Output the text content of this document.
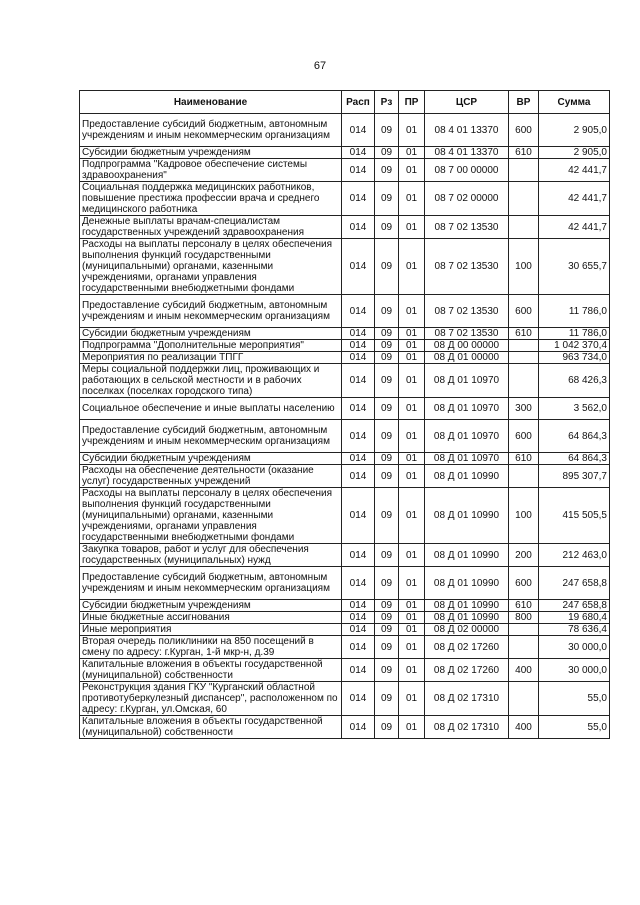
67
Наименование	Расп	Рз	ПР	ЦСР	ВР	Сумма
Предоставление субсидий бюджетным, автономным учреждениям и иным некоммерческим организациям	014	09	01	08 4 01 13370	600	2 905,0
Субсидии бюджетным учреждениям	014	09	01	08 4 01 13370	610	2 905,0
Подпрограмма "Кадровое обеспечение системы здравоохранения"	014	09	01	08 7 00 00000		42 441,7
Социальная поддержка медицинских работников, повышение престижа профессии врача и среднего медицинского работника	014	09	01	08 7 02 00000		42 441,7
Денежные выплаты врачам-специалистам государственных учреждений здравоохранения	014	09	01	08 7 02 13530		42 441,7
Расходы на выплаты персоналу в целях обеспечения выполнения функций государственными (муниципальными) органами, казенными учреждениями, органами управления государственными внебюджетными фондами	014	09	01	08 7 02 13530	100	30 655,7
Предоставление субсидий бюджетным, автономным учреждениям и иным некоммерческим организациям	014	09	01	08 7 02 13530	600	11 786,0
Субсидии бюджетным учреждениям	014	09	01	08 7 02 13530	610	11 786,0
Подпрограмма "Дополнительные мероприятия"	014	09	01	08 Д 00 00000		1 042 370,4
Мероприятия по реализации ТПГГ	014	09	01	08 Д 01 00000		963 734,0
Меры социальной поддержки лиц, проживающих и работающих в сельской местности и в рабочих поселках (поселках городского типа)	014	09	01	08 Д 01 10970		68 426,3
Социальное обеспечение и иные выплаты населению	014	09	01	08 Д 01 10970	300	3 562,0
Предоставление субсидий бюджетным, автономным учреждениям и иным некоммерческим организациям	014	09	01	08 Д 01 10970	600	64 864,3
Субсидии бюджетным учреждениям	014	09	01	08 Д 01 10970	610	64 864,3
Расходы на обеспечение деятельности (оказание услуг) государственных учреждений	014	09	01	08 Д 01 10990		895 307,7
Расходы на выплаты персоналу в целях обеспечения выполнения функций государственными (муниципальными) органами, казенными учреждениями, органами управления государственными внебюджетными фондами	014	09	01	08 Д 01 10990	100	415 505,5
Закупка товаров, работ и услуг для обеспечения государственных (муниципальных) нужд	014	09	01	08 Д 01 10990	200	212 463,0
Предоставление субсидий бюджетным, автономным учреждениям и иным некоммерческим организациям	014	09	01	08 Д 01 10990	600	247 658,8
Субсидии бюджетным учреждениям	014	09	01	08 Д 01 10990	610	247 658,8
Иные бюджетные ассигнования	014	09	01	08 Д 01 10990	800	19 680,4
Иные мероприятия	014	09	01	08 Д 02 00000		78 636,4
Вторая очередь поликлиники на 850 посещений в смену по адресу: г.Курган, 1-й мкр-н, д.39	014	09	01	08 Д 02 17260		30 000,0
Капитальные вложения в объекты государственной (муниципальной) собственности	014	09	01	08 Д 02 17260	400	30 000,0
Реконструкция здания ГКУ "Курганский областной противотуберкулезный диспансер", расположенном по адресу: г.Курган, ул.Омская, 60	014	09	01	08 Д 02 17310		55,0
Капитальные вложения в объекты государственной (муниципальной) собственности	014	09	01	08 Д 02 17310	400	55,0
